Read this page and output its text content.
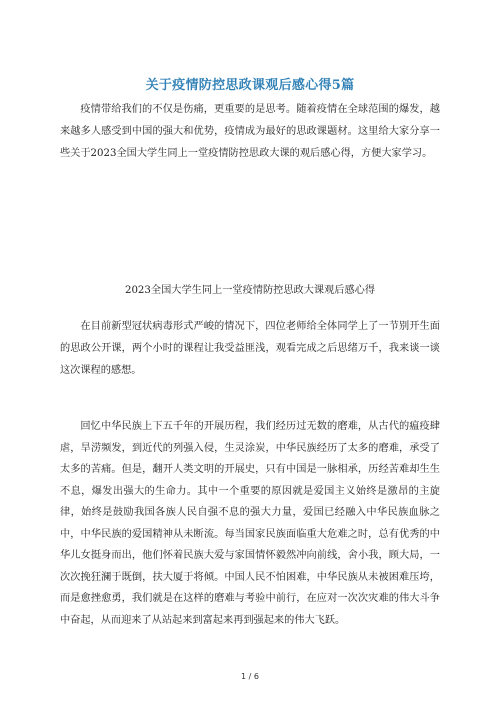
关于疫情防控思政课观后感心得5篇

疫情带给我们的不仅是伤痛，更重要的是思考。随着疫情在全球范围的爆发，越来越多人感受到中国的强大和优势，疫情成为最好的思政课题材。这里给大家分享一些关于2023全国大学生同上一堂疫情防控思政大课的观后感心得，方便大家学习。

2023全国大学生同上一堂疫情防控思政大课观后感心得

在目前新型冠状病毒形式严峻的情况下，四位老师给全体同学上了一节别开生面的思政公开课，两个小时的课程让我受益匪浅，观看完成之后思绪万千，我来谈一谈这次课程的感想。

回忆中华民族上下五千年的开展历程，我们经历过无数的磨难，从古代的瘟疫肆虐，旱涝频发，到近代的列强入侵，生灵涂炭，中华民族经历了太多的磨难，承受了太多的苦痛。但是，翻开人类文明的开展史，只有中国是一脉相承，历经苦难却生生不息，爆发出强大的生命力。其中一个重要的原因就是爱国主义始终是激昂的主旋律，始终是鼓励我国各族人民自强不息的强大力量，爱国已经融入中华民族血脉之中，中华民族的爱国精神从未断流。每当国家民族面临重大危难之时，总有优秀的中华儿女挺身而出，他们怀着民族大爱与家国情怀毅然冲向前线，舍小我，顾大局，一次次挽狂澜于既倒，扶大厦于将倾。中国人民不怕困难，中华民族从未被困难压垮，而是愈挫愈勇，我们就是在这样的磨难与考验中前行，在应对一次次灾难的伟大斗争中奋起，从而迎来了从站起来到富起来再到强起来的伟大飞跃。

1 / 6
